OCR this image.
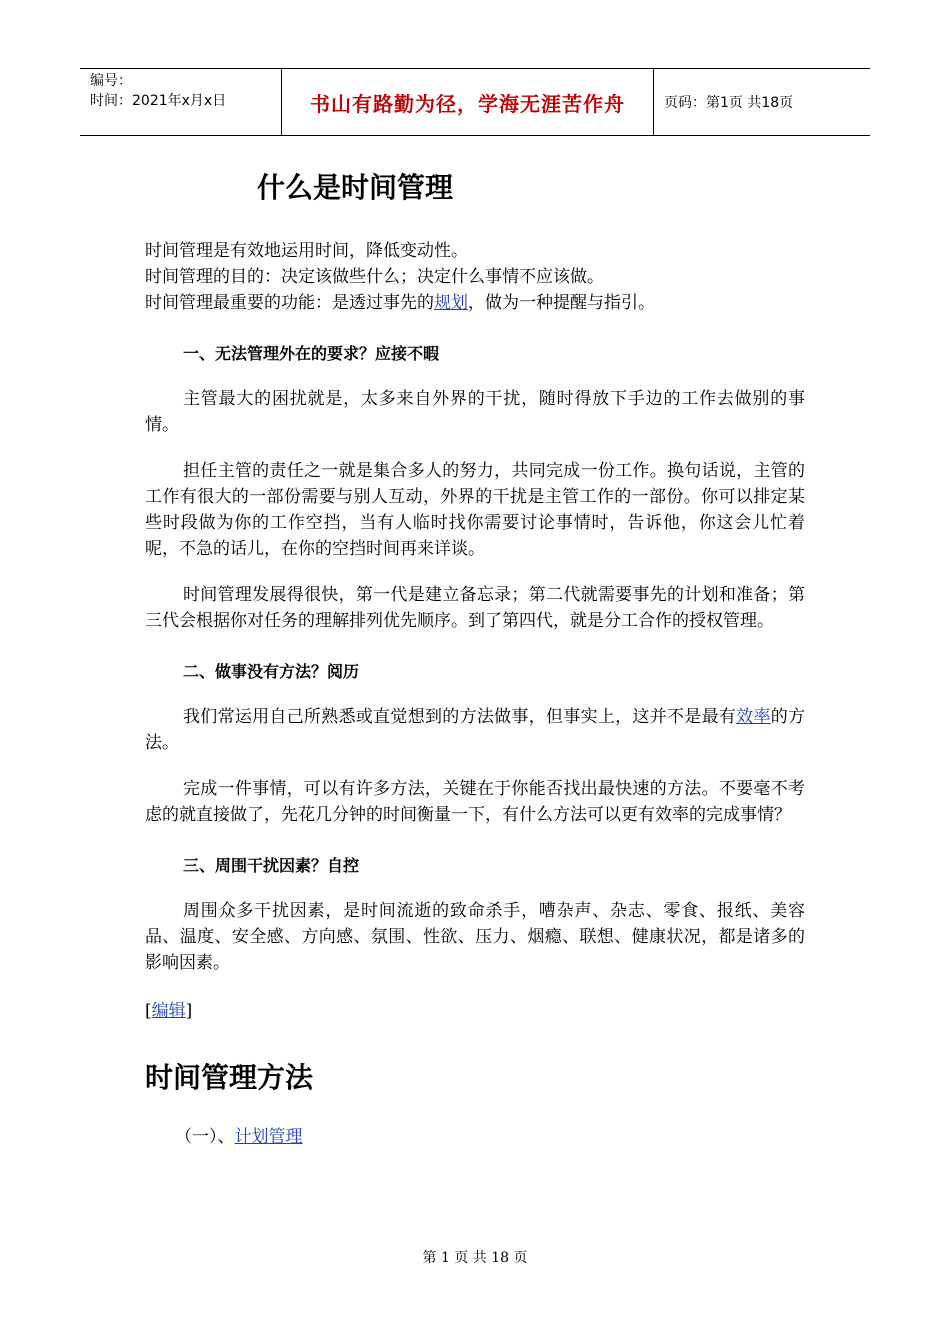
编号：
时间：2021年x月x日	书山有路勤为径，学海无涯苦作舟	页码：第1页 共18页
什么是时间管理
时间管理是有效地运用时间，降低变动性。
时间管理的目的：决定该做些什么；决定什么事情不应该做。
时间管理最重要的功能：是透过事先的规划，做为一种提醒与指引。
一、无法管理外在的要求？应接不暇
主管最大的困扰就是，太多来自外界的干扰，随时得放下手边的工作去做别的事情。
担任主管的责任之一就是集合多人的努力，共同完成一份工作。换句话说，主管的工作有很大的一部份需要与别人互动，外界的干扰是主管工作的一部份。你可以排定某些时段做为你的工作空挡，当有人临时找你需要讨论事情时，告诉他，你这会儿忙着呢，不急的话儿，在你的空挡时间再来详谈。
时间管理发展得很快，第一代是建立备忘录；第二代就需要事先的计划和准备；第三代会根据你对任务的理解排列优先顺序。到了第四代，就是分工合作的授权管理。
二、做事没有方法？阅历
我们常运用自己所熟悉或直觉想到的方法做事，但事实上，这并不是最有效率的方法。
完成一件事情，可以有许多方法，关键在于你能否找出最快速的方法。不要毫不考虑的就直接做了，先花几分钟的时间衡量一下，有什么方法可以更有效率的完成事情？
三、周围干扰因素？自控
周围众多干扰因素，是时间流逝的致命杀手，嘈杂声、杂志、零食、报纸、美容品、温度、安全感、方向感、氛围、性欲、压力、烟瘾、联想、健康状况，都是诸多的影响因素。
[编辑]
时间管理方法
（一）、计划管理
第 1 页 共 18 页
